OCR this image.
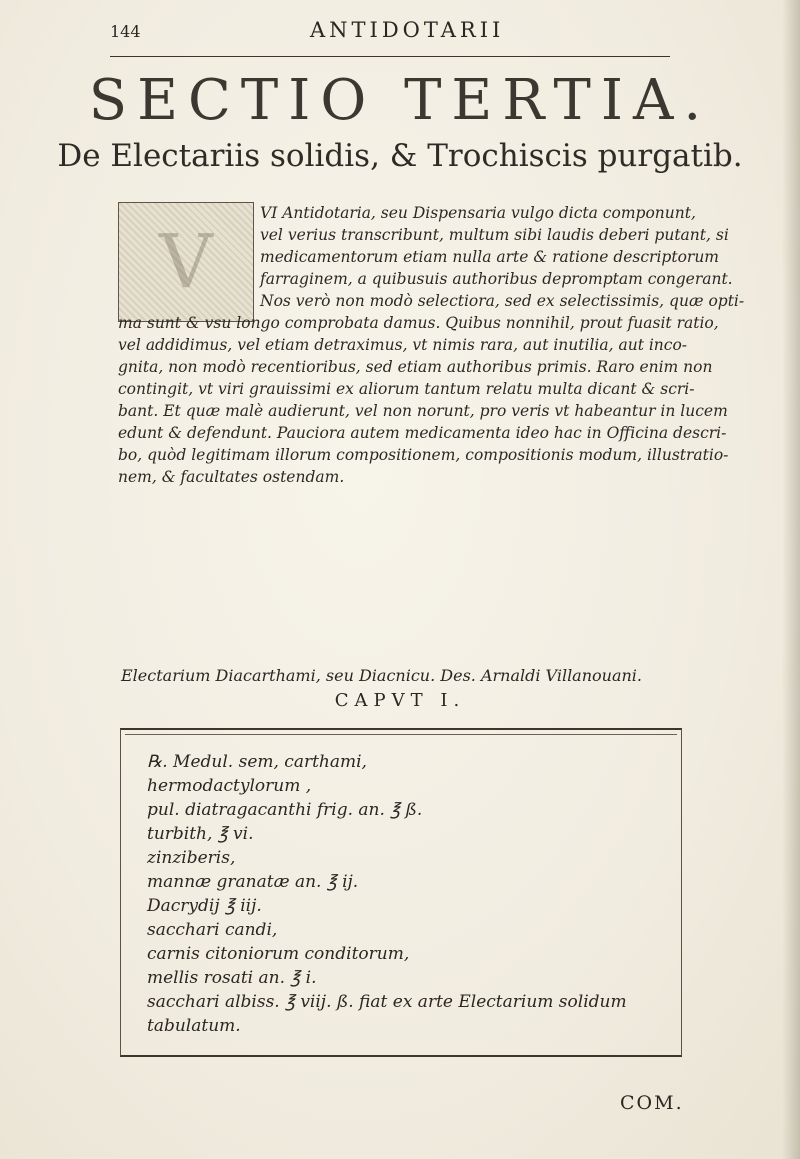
144	ANTIDOTARII
SECTIO TERTIA.
De Electariis solidis, & Trochiscis purgatib.
V
VI Antidotaria, seu Dispensaria vulgo dicta componunt,
vel verius transcribunt, multum sibi laudis deberi putant, si
medicamentorum etiam nulla arte & ratione descriptorum
farraginem, a quibusuis authoribus depromptam congerant.
Nos verò non modò selectiora, sed ex selectissimis, quæ opti-
ma sunt & vsu longo comprobata damus. Quibus nonnihil, prout fuasit ratio,
vel addidimus, vel etiam detraximus, vt nimis rara, aut inutilia, aut inco-
gnita, non modò recentioribus, sed etiam authoribus primis. Raro enim non
contingit, vt viri grauissimi ex aliorum tantum relatu multa dicant & scri-
bant. Et quæ malè audierunt, vel non norunt, pro veris vt habeantur in lucem
edunt & defendunt. Pauciora autem medicamenta ideo hac in Officina descri-
bo, quòd legitimam illorum compositionem, compositionis modum, illustratio-
nem, & facultates ostendam.
Electarium Diacarthami, seu Diacnicu. Des. Arnaldi Villanouani.
CAPVT I.
℞. Medul. sem, carthami,
hermodactylorum ,
pul. diatragacanthi frig. an. ℥ ß.
turbith, ℥ vi.
zinziberis,
mannæ granatæ an. ℥ ij.
Dacrydij ℥ iij.
sacchari candi,
carnis citoniorum conditorum,
mellis rosati an. ℥ i.
sacchari albiss. ℥ viij. ß. fiat ex arte Electarium solidum
tabulatum.
COM.
